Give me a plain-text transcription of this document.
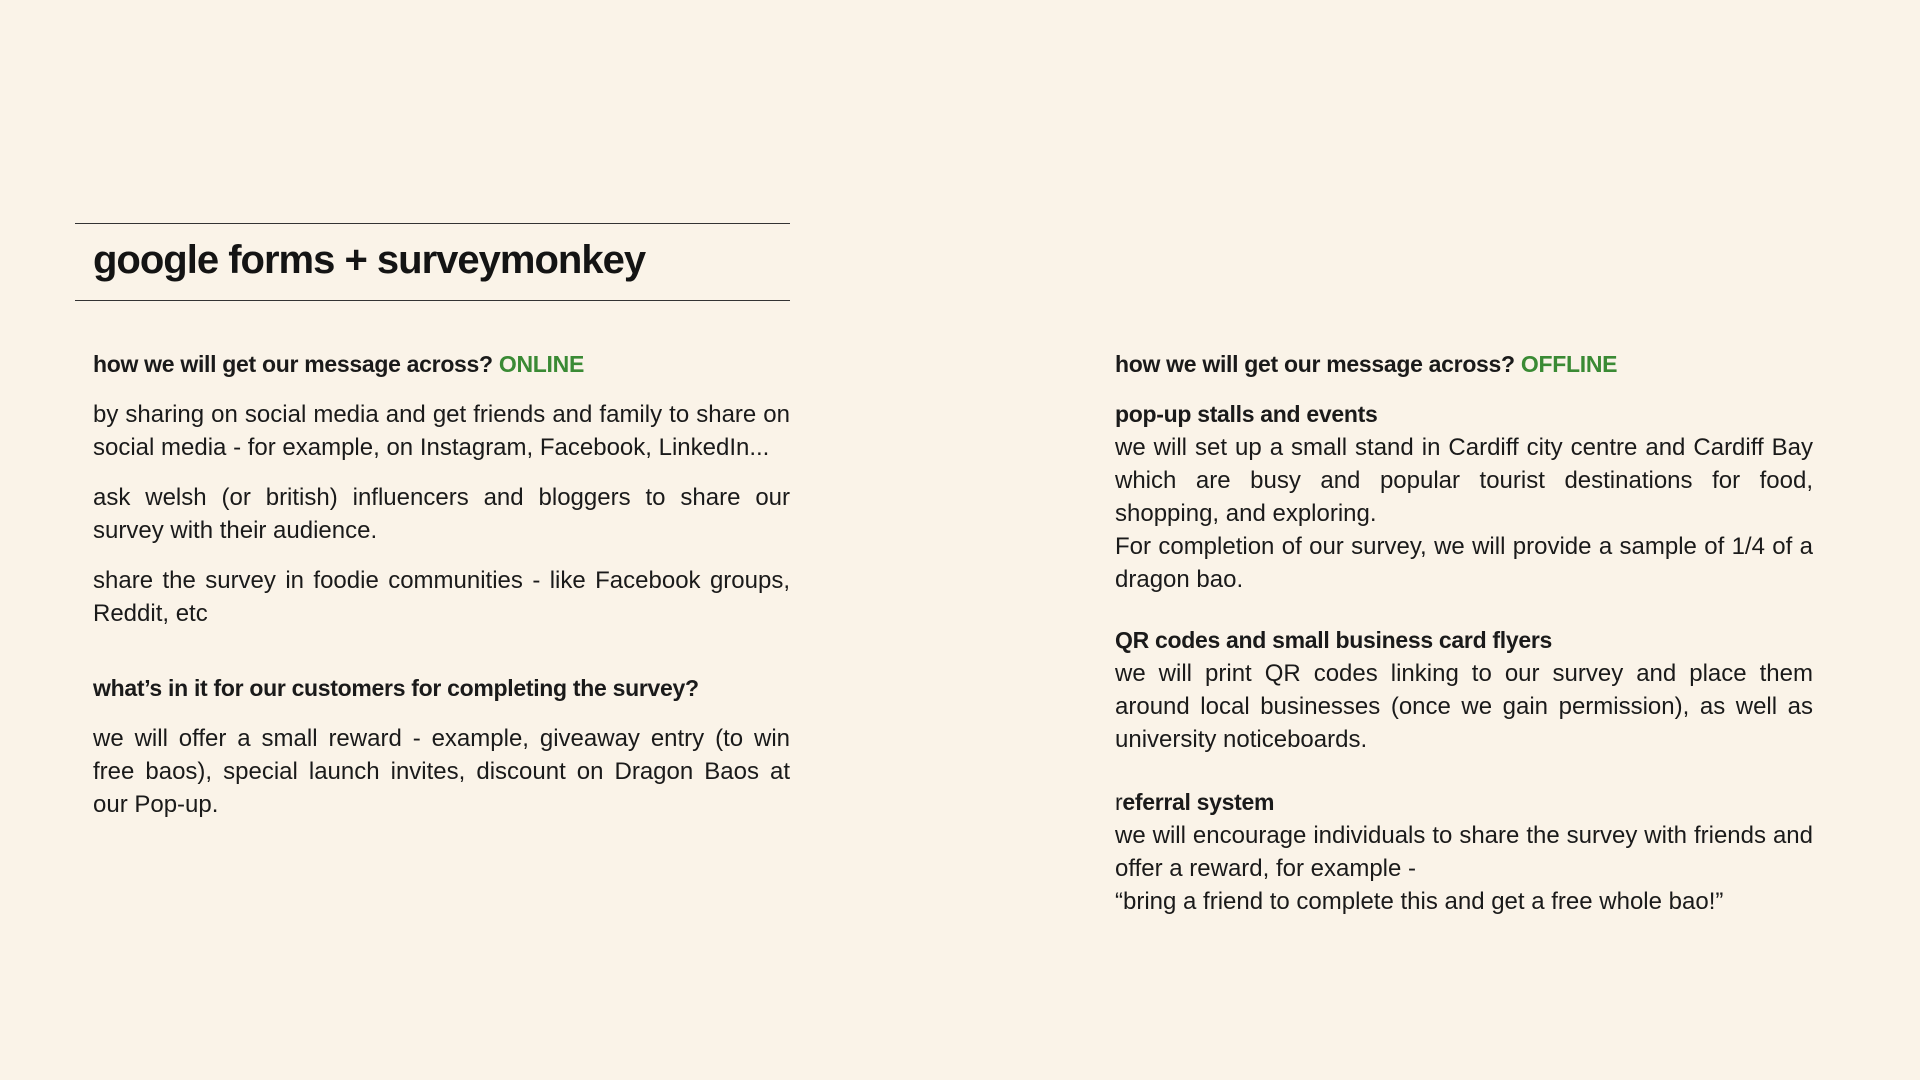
google forms + surveymonkey

how we will get our message across? ONLINE

by sharing on social media and get friends and family to share on social media - for example, on Instagram, Facebook, LinkedIn...

ask welsh (or british) influencers and bloggers to share our survey with their audience.

share the survey in foodie communities - like Facebook groups, Reddit, etc

what’s in it for our customers for completing the survey?

we will offer a small reward - example, giveaway entry (to win free baos), special launch invites, discount on Dragon Baos at our Pop-up.

how we will get our message across? OFFLINE

pop-up stalls and events

we will set up a small stand in Cardiff city centre and Cardiff Bay which are busy and popular tourist destinations for food, shopping, and exploring.

For completion of our survey, we will provide a sample of 1/4 of a dragon bao.

QR codes and small business card flyers

we will print QR codes linking to our survey and place them around local businesses (once we gain permission), as well as university noticeboards.

referral system

we will encourage individuals to share the survey with friends and offer a reward, for example -

“bring a friend to complete this and get a free whole bao!”
